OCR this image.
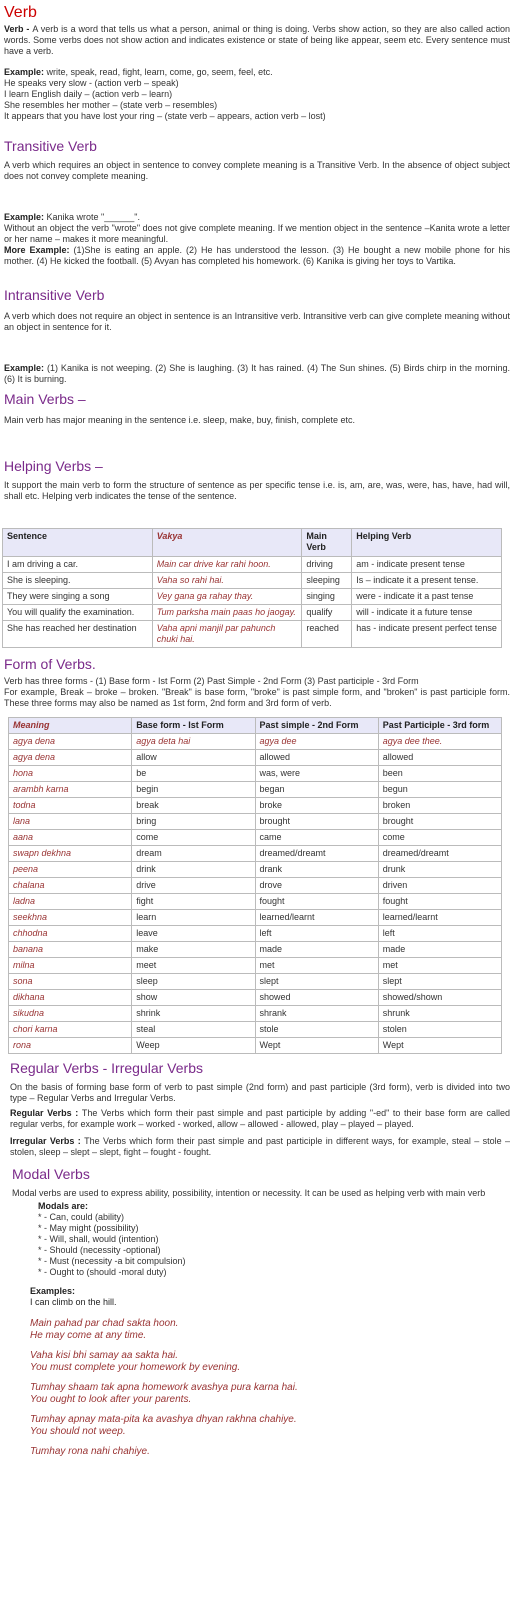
Verb

Verb - A verb is a word that tells us what a person, animal or thing is doing. Verbs show action, so they are also called action words. Some verbs does not show action and indicates existence or state of being like appear, seem etc. Every sentence must have a verb.

Example: write, speak, read, fight, learn, come, go, seem, feel, etc.

He speaks very slow - (action verb – speak)

I learn English daily – (action verb – learn)

She resembles her mother – (state verb – resembles)

It appears that you have lost your ring – (state verb – appears, action verb – lost)

Transitive Verb

A verb which requires an object in sentence to convey complete meaning is a Transitive Verb. In the absence of object subject does not convey complete meaning.

Example: Kanika wrote "______".

Without an object the verb "wrote" does not give complete meaning. If we mention object in the sentence –Kanita wrote a letter or her name – makes it more meaningful.

More Example: (1)She is eating an apple. (2) He has understood the lesson. (3) He bought a new mobile phone for his mother. (4) He kicked the football. (5) Avyan has completed his homework. (6) Kanika is giving her toys to Vartika.

Intransitive Verb

A verb which does not require an object in sentence is an Intransitive verb. Intransitive verb can give complete meaning without an object in sentence for it.

Example: (1) Kanika is not weeping. (2) She is laughing. (3) It has rained. (4) The Sun shines. (5) Birds chirp in the morning. (6) It is burning.

Main Verbs –

Main verb has major meaning in the sentence i.e. sleep, make, buy, finish, complete etc.

Helping Verbs –

It support the main verb to form the structure of sentence as per specific tense i.e. is, am, are, was, were, has, have, had will, shall etc. Helping verb indicates the tense of the sentence.

Sentence	Vakya	Main Verb	Helping Verb
I am driving a car.	Main car drive kar rahi hoon.	driving	am - indicate present tense
She is sleeping.	Vaha so rahi hai.	sleeping	Is – indicate it a present tense.
They were singing a song	Vey gana ga rahay thay.	singing	were - indicate it a past tense
You will qualify the examination.	Tum parksha main paas ho jaogay.	qualify	will - indicate it a future tense
She has reached her destination	Vaha apni manjil par pahunch chuki hai.	reached	has - indicate present perfect tense
Form of Verbs.

Verb has three forms - (1) Base form - Ist Form (2) Past Simple - 2nd Form (3) Past participle - 3rd Form

For example, Break – broke – broken. "Break" is base form, "broke" is past simple form, and "broken" is past participle form. These three forms may also be named as 1st form, 2nd form and 3rd form of verb.

Meaning	Base form - Ist Form	Past simple - 2nd Form	Past Participle - 3rd form
agya dena	agya deta hai	agya dee	agya dee thee.
agya dena	allow	allowed	allowed
hona	be	was, were	been
arambh karna	begin	began	begun
todna	break	broke	broken
lana	bring	brought	brought
aana	come	came	come
swapn dekhna	dream	dreamed/dreamt	dreamed/dreamt
peena	drink	drank	drunk
chalana	drive	drove	driven
ladna	fight	fought	fought
seekhna	learn	learned/learnt	learned/learnt
chhodna	leave	left	left
banana	make	made	made
milna	meet	met	met
sona	sleep	slept	slept
dikhana	show	showed	showed/shown
sikudna	shrink	shrank	shrunk
chori karna	steal	stole	stolen
rona	Weep	Wept	Wept
Regular Verbs - Irregular Verbs

On the basis of forming base form of verb to past simple (2nd form) and past participle (3rd form), verb is divided into two type – Regular Verbs and Irregular Verbs.

Regular Verbs : The Verbs which form their past simple and past participle by adding "-ed" to their base form are called regular verbs, for example work – worked - worked, allow – allowed - allowed, play – played – played.

Irregular Verbs : The Verbs which form their past simple and past participle in different ways, for example, steal – stole – stolen, sleep – slept – slept, fight – fought - fought.

Modal Verbs

Modal verbs are used to express ability, possibility, intention or necessity. It can be used as helping verb with main verb

Modals are:

* - Can, could (ability)

* - May might (possibility)

* - Will, shall, would (intention)

* - Should (necessity -optional)

* - Must (necessity -a bit compulsion)

* - Ought to (should -moral duty)

Examples:

I can climb on the hill.

Main pahad par chad sakta hoon.

He may come at any time.

Vaha kisi bhi samay aa sakta hai.

You must complete your homework by evening.

Tumhay shaam tak apna homework avashya pura karna hai.

You ought to look after your parents.

Tumhay apnay mata-pita ka avashya dhyan rakhna chahiye.

You should not weep.

Tumhay rona nahi chahiye.
